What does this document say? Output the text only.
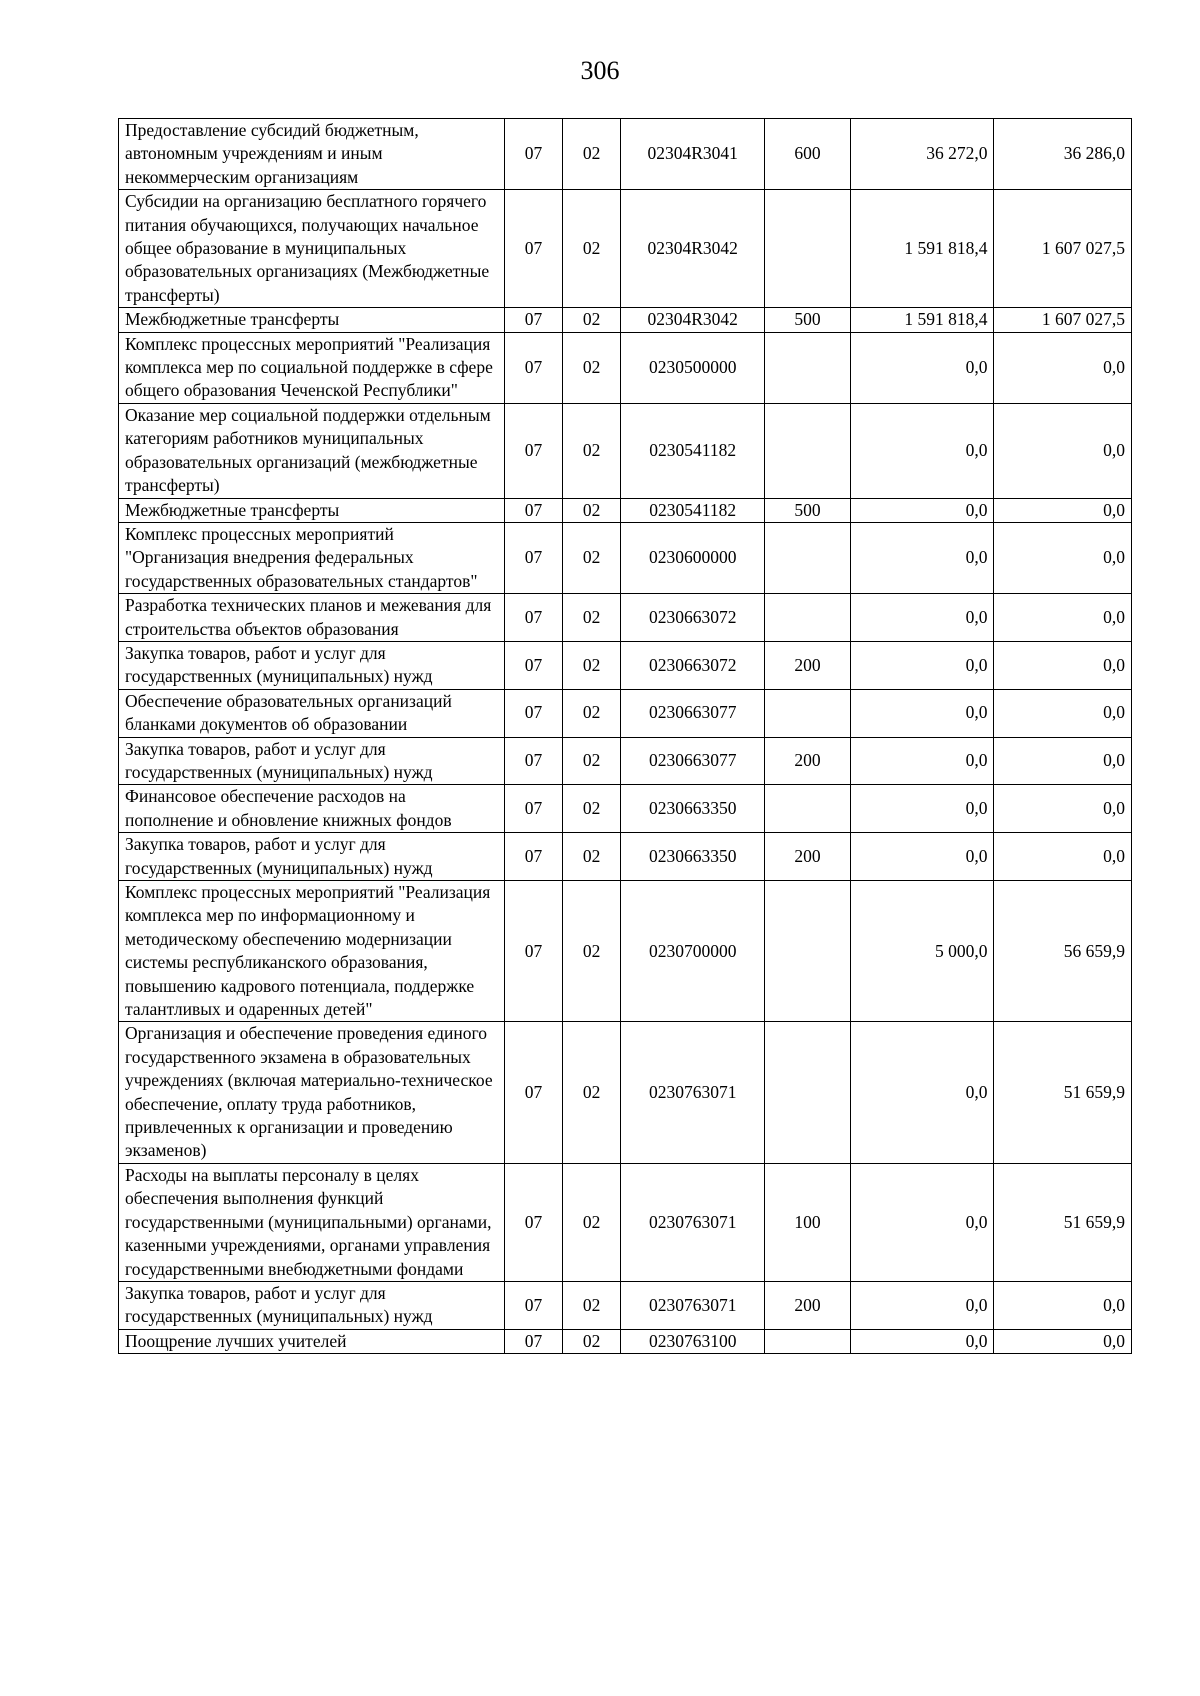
306
Предоставление субсидий бюджетным, автономным учреждениям и иным некоммерческим организациям	07	02	02304R3041	600	36 272,0	36 286,0

Субсидии на организацию бесплатного горячего питания обучающихся, получающих начальное общее образование в муниципальных образовательных организациях (Межбюджетные трансферты)	07	02	02304R3042		1 591 818,4	1 607 027,5

Межбюджетные трансферты	07	02	02304R3042	500	1 591 818,4	1 607 027,5

Комплекс процессных мероприятий "Реализация комплекса мер по социальной поддержке в сфере общего образования Чеченской Республики"	07	02	0230500000		0,0	0,0

Оказание мер социальной поддержки отдельным категориям работников муниципальных образовательных организаций (межбюджетные трансферты)	07	02	0230541182		0,0	0,0

Межбюджетные трансферты	07	02	0230541182	500	0,0	0,0

Комплекс процессных мероприятий "Организация внедрения федеральных государственных образовательных стандартов"	07	02	0230600000		0,0	0,0

Разработка технических планов и межевания для строительства объектов образования	07	02	0230663072		0,0	0,0

Закупка товаров, работ и услуг для государственных (муниципальных) нужд	07	02	0230663072	200	0,0	0,0

Обеспечение образовательных организаций бланками документов об образовании	07	02	0230663077		0,0	0,0

Закупка товаров, работ и услуг для государственных (муниципальных) нужд	07	02	0230663077	200	0,0	0,0

Финансовое обеспечение расходов на пополнение и обновление книжных фондов	07	02	0230663350		0,0	0,0

Закупка товаров, работ и услуг для государственных (муниципальных) нужд	07	02	0230663350	200	0,0	0,0

Комплекс процессных мероприятий "Реализация комплекса мер по информационному и методическому обеспечению модернизации системы республиканского образования, повышению кадрового потенциала, поддержке талантливых и одаренных детей"	07	02	0230700000		5 000,0	56 659,9

Организация и обеспечение проведения единого государственного экзамена в образовательных учреждениях (включая материально-техническое обеспечение, оплату труда работников, привлеченных к организации и проведению экзаменов)	07	02	0230763071		0,0	51 659,9

Расходы на выплаты персоналу в целях обеспечения выполнения функций государственными (муниципальными) органами, казенными учреждениями, органами управления государственными внебюджетными фондами	07	02	0230763071	100	0,0	51 659,9

Закупка товаров, работ и услуг для государственных (муниципальных) нужд	07	02	0230763071	200	0,0	0,0

Поощрение лучших учителей	07	02	0230763100		0,0	0,0
